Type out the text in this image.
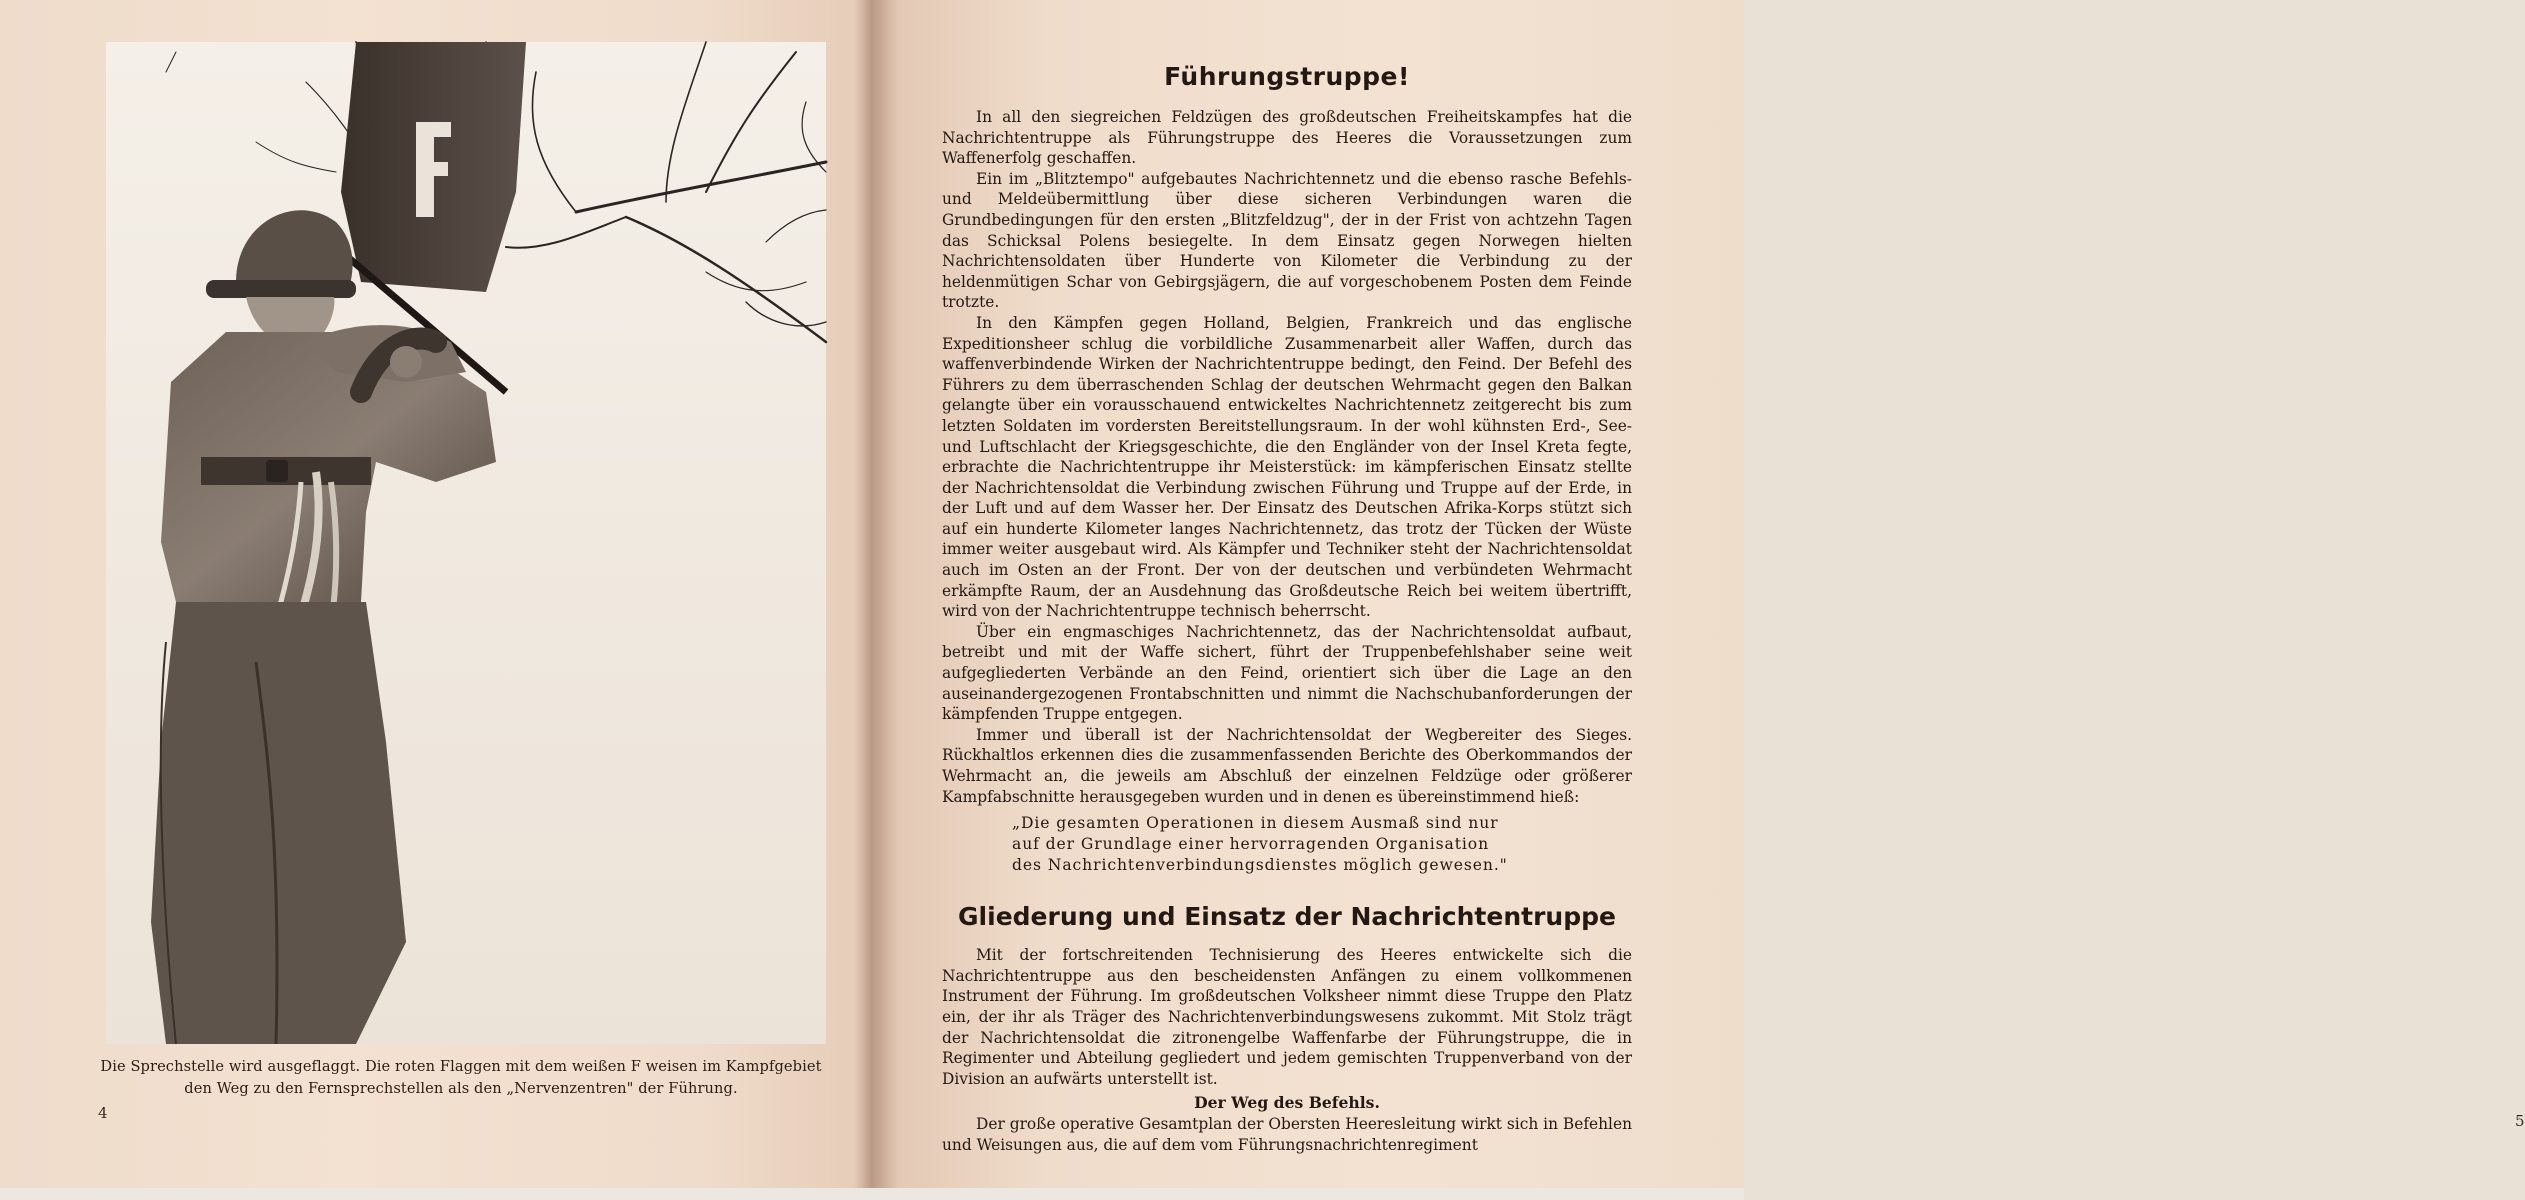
Die Sprechstelle wird ausgeflaggt. Die roten Flaggen mit dem weißen F weisen im Kampfgebiet den Weg zu den Fernsprechstellen als den „Nervenzentren" der Führung.
4	5
Führungstruppe!

In all den siegreichen Feldzügen des großdeutschen Freiheitskampfes hat die Nachrichtentruppe als Führungstruppe des Heeres die Voraussetzungen zum Waffenerfolg geschaffen.

Ein im „Blitztempo" aufgebautes Nachrichtennetz und die ebenso rasche Befehls- und Meldeübermittlung über diese sicheren Verbindungen waren die Grundbedingungen für den ersten „Blitzfeldzug", der in der Frist von achtzehn Tagen das Schicksal Polens besiegelte. In dem Einsatz gegen Norwegen hielten Nachrichtensoldaten über Hunderte von Kilometer die Verbindung zu der heldenmütigen Schar von Gebirgsjägern, die auf vorgeschobenem Posten dem Feinde trotzte.

In den Kämpfen gegen Holland, Belgien, Frankreich und das englische Expeditionsheer schlug die vorbildliche Zusammenarbeit aller Waffen, durch das waffenverbindende Wirken der Nachrichtentruppe bedingt, den Feind. Der Befehl des Führers zu dem überraschenden Schlag der deutschen Wehrmacht gegen den Balkan gelangte über ein vorausschauend entwickeltes Nachrichtennetz zeitgerecht bis zum letzten Soldaten im vordersten Bereitstellungsraum. In der wohl kühnsten Erd-, See- und Luftschlacht der Kriegsgeschichte, die den Engländer von der Insel Kreta fegte, erbrachte die Nachrichtentruppe ihr Meisterstück: im kämpferischen Einsatz stellte der Nachrichtensoldat die Verbindung zwischen Führung und Truppe auf der Erde, in der Luft und auf dem Wasser her. Der Einsatz des Deutschen Afrika-Korps stützt sich auf ein hunderte Kilometer langes Nachrichtennetz, das trotz der Tücken der Wüste immer weiter ausgebaut wird. Als Kämpfer und Techniker steht der Nachrichtensoldat auch im Osten an der Front. Der von der deutschen und verbündeten Wehrmacht erkämpfte Raum, der an Ausdehnung das Großdeutsche Reich bei weitem übertrifft, wird von der Nachrichtentruppe technisch beherrscht.

Über ein engmaschiges Nachrichtennetz, das der Nachrichtensoldat aufbaut, betreibt und mit der Waffe sichert, führt der Truppenbefehlshaber seine weit aufgegliederten Verbände an den Feind, orientiert sich über die Lage an den auseinandergezogenen Frontabschnitten und nimmt die Nachschubanforderungen der kämpfenden Truppe entgegen.

Immer und überall ist der Nachrichtensoldat der Wegbereiter des Sieges. Rückhaltlos erkennen dies die zusammenfassenden Berichte des Oberkommandos der Wehrmacht an, die jeweils am Abschluß der einzelnen Feldzüge oder größerer Kampfabschnitte herausgegeben wurden und in denen es übereinstimmend hieß:

„Die gesamten Operationen in diesem Ausmaß sind nur
auf der Grundlage einer hervorragenden Organisation
des Nachrichtenverbindungsdienstes möglich gewesen."
Gliederung und Einsatz der Nachrichtentruppe

Mit der fortschreitenden Technisierung des Heeres entwickelte sich die Nachrichtentruppe aus den bescheidensten Anfängen zu einem vollkommenen Instrument der Führung. Im großdeutschen Volksheer nimmt diese Truppe den Platz ein, der ihr als Träger des Nachrichtenverbindungswesens zukommt. Mit Stolz trägt der Nachrichtensoldat die zitronengelbe Waffenfarbe der Führungstruppe, die in Regimenter und Abteilung gegliedert und jedem gemischten Truppenverband von der Division an aufwärts unterstellt ist.

Der Weg des Befehls.

Der große operative Gesamtplan der Obersten Heeresleitung wirkt sich in Befehlen und Weisungen aus, die auf dem vom Führungsnachrichtenregiment
